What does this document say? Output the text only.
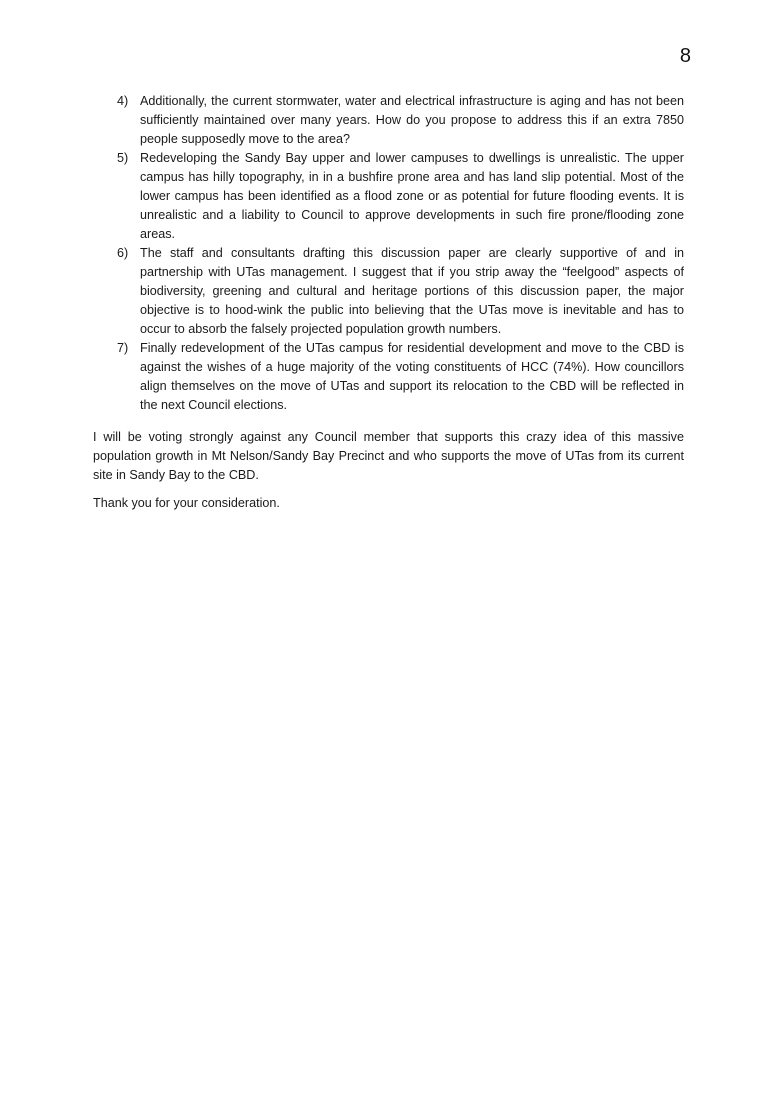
8
4) Additionally, the current stormwater, water and electrical infrastructure is aging and has not been sufficiently maintained over many years. How do you propose to address this if an extra 7850 people supposedly move to the area?
5) Redeveloping the Sandy Bay upper and lower campuses to dwellings is unrealistic. The upper campus has hilly topography, in in a bushfire prone area and has land slip potential. Most of the lower campus has been identified as a flood zone or as potential for future flooding events. It is unrealistic and a liability to Council to approve developments in such fire prone/flooding zone areas.
6) The staff and consultants drafting this discussion paper are clearly supportive of and in partnership with UTas management. I suggest that if you strip away the “feelgood” aspects of biodiversity, greening and cultural and heritage portions of this discussion paper, the major objective is to hood-wink the public into believing that the UTas move is inevitable and has to occur to absorb the falsely projected population growth numbers.
7) Finally redevelopment of the UTas campus for residential development and move to the CBD is against the wishes of a huge majority of the voting constituents of HCC (74%). How councillors align themselves on the move of UTas and support its relocation to the CBD will be reflected in the next Council elections.

I will be voting strongly against any Council member that supports this crazy idea of this massive population growth in Mt Nelson/Sandy Bay Precinct and who supports the move of UTas from its current site in Sandy Bay to the CBD.

Thank you for your consideration.
